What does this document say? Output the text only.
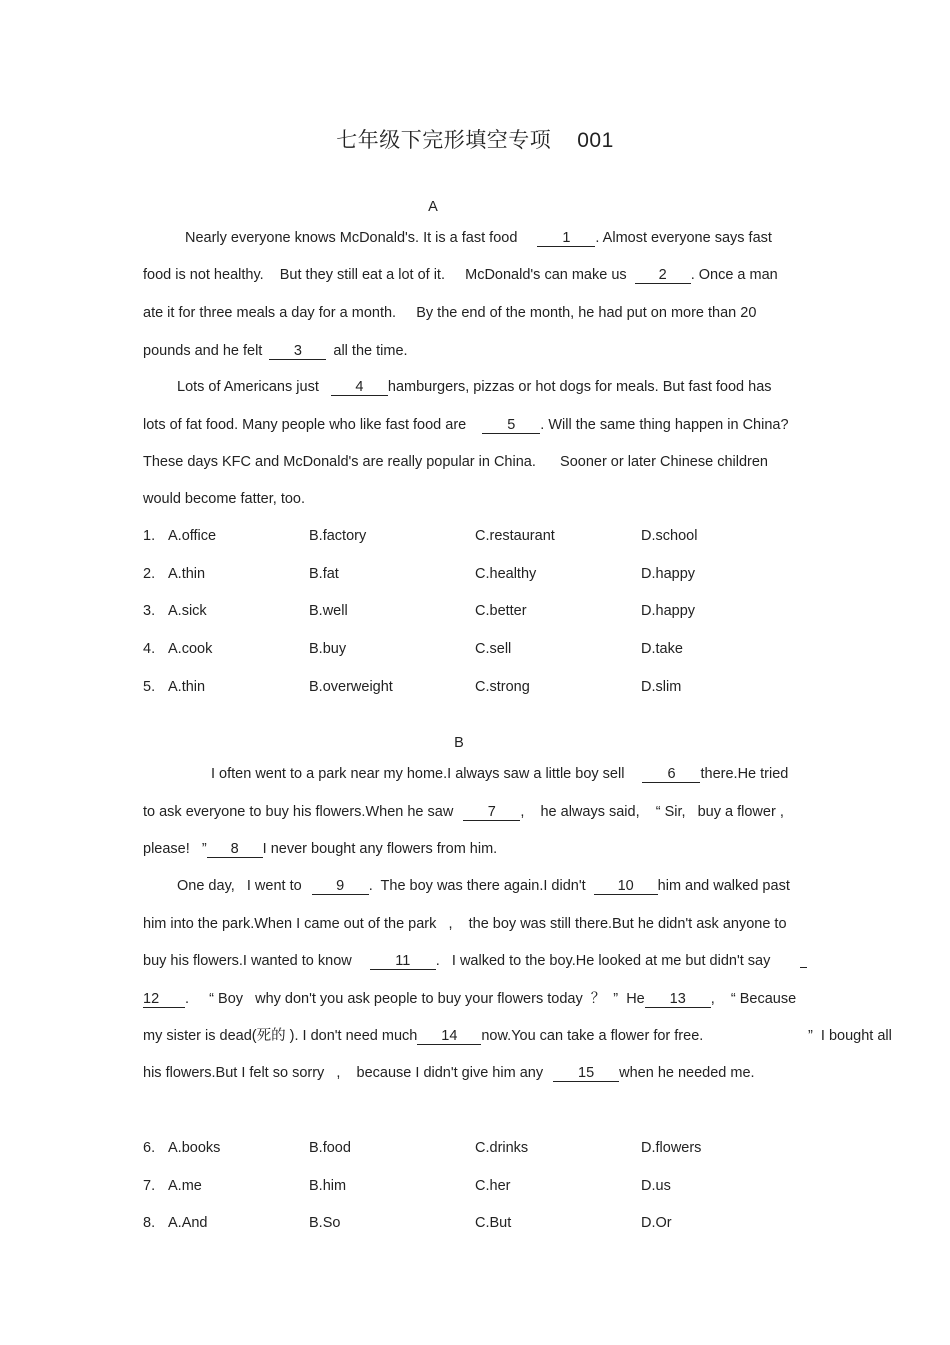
七年级下完形填空专项 001
A
Nearly everyone knows McDonald's. It is a fast food	1 . Almost everyone says fast
food is not healthy.    But they still eat a lot of it.     McDonald's can make us 2 . Once a man
ate it for three meals a day for a month.     By the end of the month, he had put on more than 20
pounds and he felt 3 all the time.
Lots of Americans just	4 hamburgers, pizzas or hot dogs for meals. But fast food has
lots of fat food. Many people who like fast food are	5 . Will the same thing happen in China?
These days KFC and McDonald's are really popular in China.      Sooner or later Chinese children
would become fatter, too.
1. A.office	B.factory	C.restaurant	D.school
2. A.thin	B.fat	C.healthy	D.happy
3. A.sick	B.well	C.better	D.happy
4. A.cook	B.buy	C.sell	D.take
5. A.thin	B.overweight	C.strong	D.slim
B
I often went to a park near my home.I always saw a little boy sell	6 there.He tried
to ask everyone to buy his flowers.When he saw 7 ,    he always said,    “ Sir,   buy a flower ,
please!   ” 8 I never bought any flowers from him.
One day,   I went to 9 .  The boy was there again.I didn't 10 him and walked past
him into the park.When I came out of the park   ,    the boy was still there.But he didn't ask anyone to
buy his flowers.I wanted to know	11 .   I walked to the boy.He looked at me but didn't say
12 .     “ Boy   why don't you ask people to buy your flowers today  ？  ”  He 13 ,    “ Because
my sister is dead(死的 ). I don't need much 14 now.You can take a flower for free.	”  I bought all
his flowers.But I felt so sorry   ,    because I didn't give him any 15 when he needed me.
6. A.books	B.food	C.drinks	D.flowers
7. A.me	B.him	C.her	D.us
8. A.And	B.So	C.But	D.Or
